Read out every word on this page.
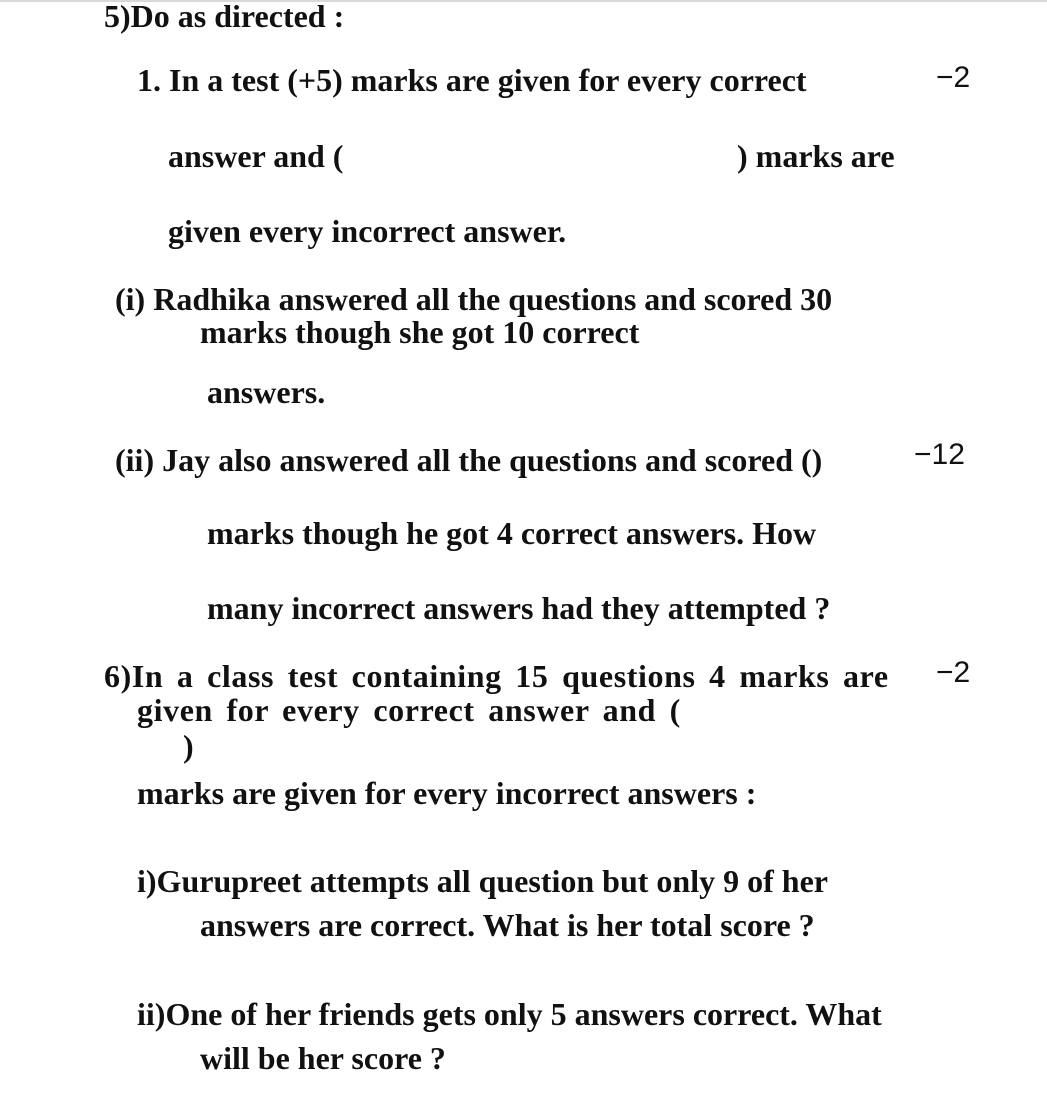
5)Do as directed :
1. In a test (+5) marks are given for every correct	−2
answer and (	) marks are
given every incorrect answer.
(i) Radhika answered all the questions and scored 30
marks though she got 10 correct
answers.
(ii) Jay also answered all the questions and scored ()	−12
marks though he got 4 correct answers. How
many incorrect answers had they attempted ?
6)In a class test containing 15 questions 4 marks are −2
given for every correct answer and (
)
marks are given for every incorrect answers :
i)Gurupreet attempts all question but only 9 of her
answers are correct. What is her total score ?
ii)One of her friends gets only 5 answers correct. What
will be her score ?
